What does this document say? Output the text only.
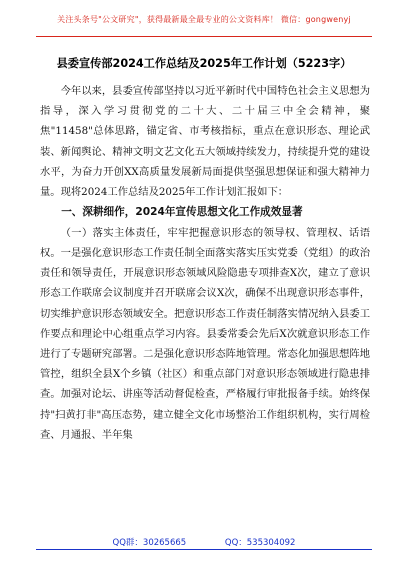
关注头条号"公文研究"，获得最新最全最专业的公文资料库！ 微信：gongwenyj
县委宣传部2024工作总结及2025年工作计划（5223字）

今年以来，县委宣传部坚持以习近平新时代中国特色社会主义思想为指导，深入学习贯彻党的二十大、二十届三中全会精神，聚焦"11458"总体思路，锚定省、市考核指标，重点在意识形态、理论武装、新闻舆论、精神文明文艺文化五大领域持续发力，持续提升党的建设水平，为奋力开创XX高质量发展新局面提供坚强思想保证和强大精神力量。现将2024工作总结及2025年工作计划汇报如下：

一、深耕细作，2024年宣传思想文化工作成效显著

（一）落实主体责任，牢牢把握意识形态的领导权、管理权、话语权。一是强化意识形态工作责任制全面落实落实压实党委（党组）的政治责任和领导责任，开展意识形态领域风险隐患专项排查X次，建立了意识形态工作联席会议制度并召开联席会议X次，确保不出现意识形态事件，切实维护意识形态领域安全。把意识形态工作责任制落实情况纳入县委工作要点和理论中心组重点学习内容。县委常委会先后X次就意识形态工作进行了专题研究部署。二是强化意识形态阵地管理。常态化加强思想阵地管控，组织全县X个乡镇（社区）和重点部门对意识形态领域进行隐患排查。加强对论坛、讲座等活动督促检查，严格履行审批报备手续。始终保持"扫黄打非"高压态势，建立健全文化市场整治工作组织机构，实行周检查、月通报、半年集

QQ群：30265665	QQ：535304092
